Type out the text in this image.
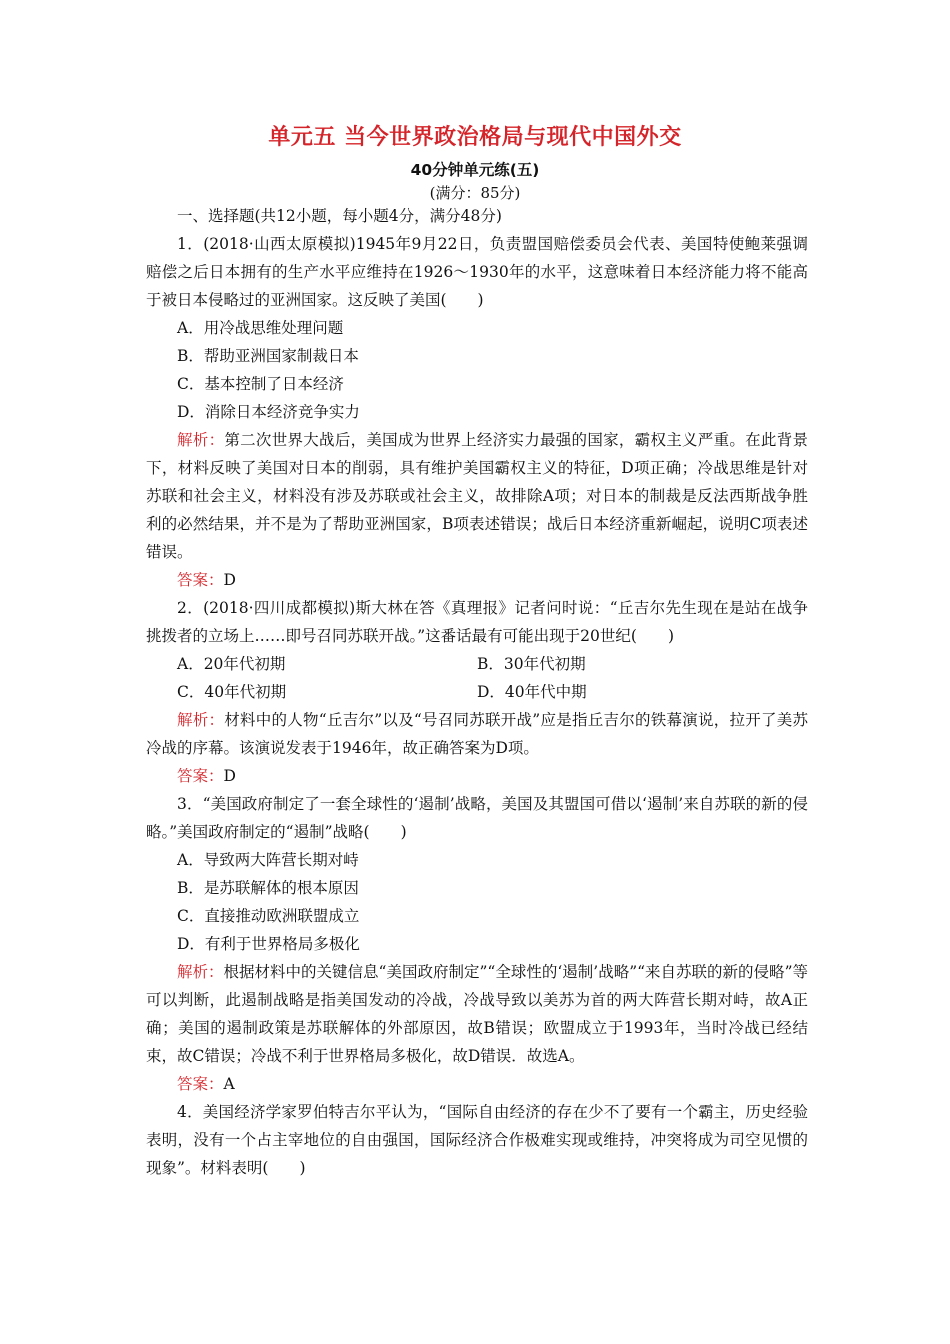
单元五 当今世界政治格局与现代中国外交
40分钟单元练(五)
(满分：85分)

一、选择题(共12小题，每小题4分，满分48分)

1．(2018·山西太原模拟)1945年9月22日，负责盟国赔偿委员会代表、美国特使鲍莱强调赔偿之后日本拥有的生产水平应维持在1926～1930年的水平，这意味着日本经济能力将不能高于被日本侵略过的亚洲国家。这反映了美国(　　)

A．用冷战思维处理问题

B．帮助亚洲国家制裁日本

C．基本控制了日本经济

D．消除日本经济竞争实力

解析：第二次世界大战后，美国成为世界上经济实力最强的国家，霸权主义严重。在此背景下，材料反映了美国对日本的削弱，具有维护美国霸权主义的特征，D项正确；冷战思维是针对苏联和社会主义，材料没有涉及苏联或社会主义，故排除A项；对日本的制裁是反法西斯战争胜利的必然结果，并不是为了帮助亚洲国家，B项表述错误；战后日本经济重新崛起，说明C项表述错误。

答案：D

2．(2018·四川成都模拟)斯大林在答《真理报》记者问时说：“丘吉尔先生现在是站在战争挑拨者的立场上……即号召同苏联开战。”这番话最有可能出现于20世纪(　　)

A．20年代初期	B．30年代初期

C．40年代初期	D．40年代中期

解析：材料中的人物“丘吉尔”以及“号召同苏联开战”应是指丘吉尔的铁幕演说，拉开了美苏冷战的序幕。该演说发表于1946年，故正确答案为D项。

答案：D

3．“美国政府制定了一套全球性的‘遏制’战略，美国及其盟国可借以‘遏制’来自苏联的新的侵略。”美国政府制定的“遏制”战略(　　)

A．导致两大阵营长期对峙

B．是苏联解体的根本原因

C．直接推动欧洲联盟成立

D．有利于世界格局多极化

解析：根据材料中的关键信息“美国政府制定”“全球性的‘遏制’战略”“来自苏联的新的侵略”等可以判断，此遏制战略是指美国发动的冷战，冷战导致以美苏为首的两大阵营长期对峙，故A正确；美国的遏制政策是苏联解体的外部原因，故B错误；欧盟成立于1993年，当时冷战已经结束，故C错误；冷战不利于世界格局多极化，故D错误．故选A。

答案：A

4．美国经济学家罗伯特吉尔平认为，“国际自由经济的存在少不了要有一个霸主，历史经验表明，没有一个占主宰地位的自由强国，国际经济合作极难实现或维持，冲突将成为司空见惯的现象”。材料表明(　　)
